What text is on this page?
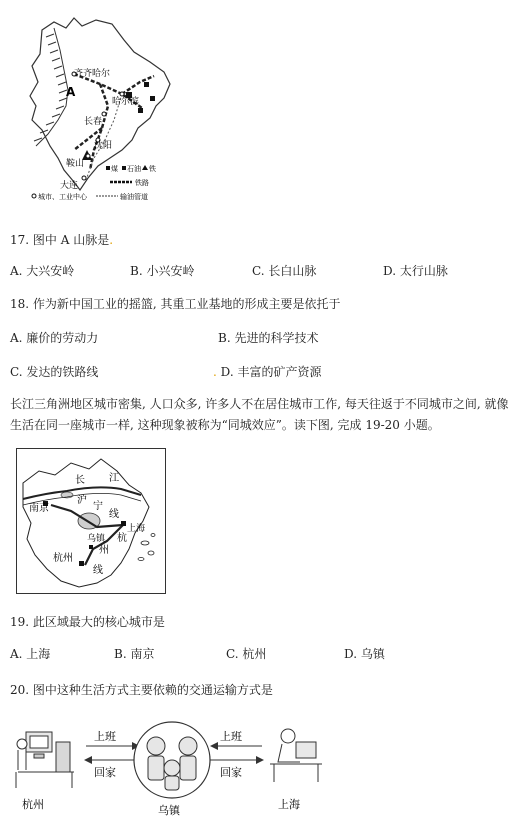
A
齐齐哈尔
哈尔滨
长春
沈阳
鞍山
大连
煤 石油 铁
铁路
城市、工业中心	输油管道
17. 图中 A 山脉是.
A. 大兴安岭	B. 小兴安岭	C. 长白山脉	D. 太行山脉
18. 作为新中国工业的摇篮, 其重工业基地的形成主要是依托于
A. 廉价的劳动力	B. 先进的科学技术
C. 发达的铁路线	. D. 丰富的矿产资源
长江三角洲地区城市密集, 人口众多, 许多人不在居住城市工作, 每天往返于不同城市之间, 就像生活在同一座城市一样, 这种现象被称为“同城效应”。读下图, 完成 19-20 小题。
长 江
南京
沪
宁
线
上海
杭
乌镇
州
杭州
线
19. 此区域最大的核心城市是
A. 上海	B. 南京	C. 杭州	D. 乌镇
20. 图中这种生活方式主要依赖的交通运输方式是
上班
回家
上班
回家
杭州	乌镇	上海
